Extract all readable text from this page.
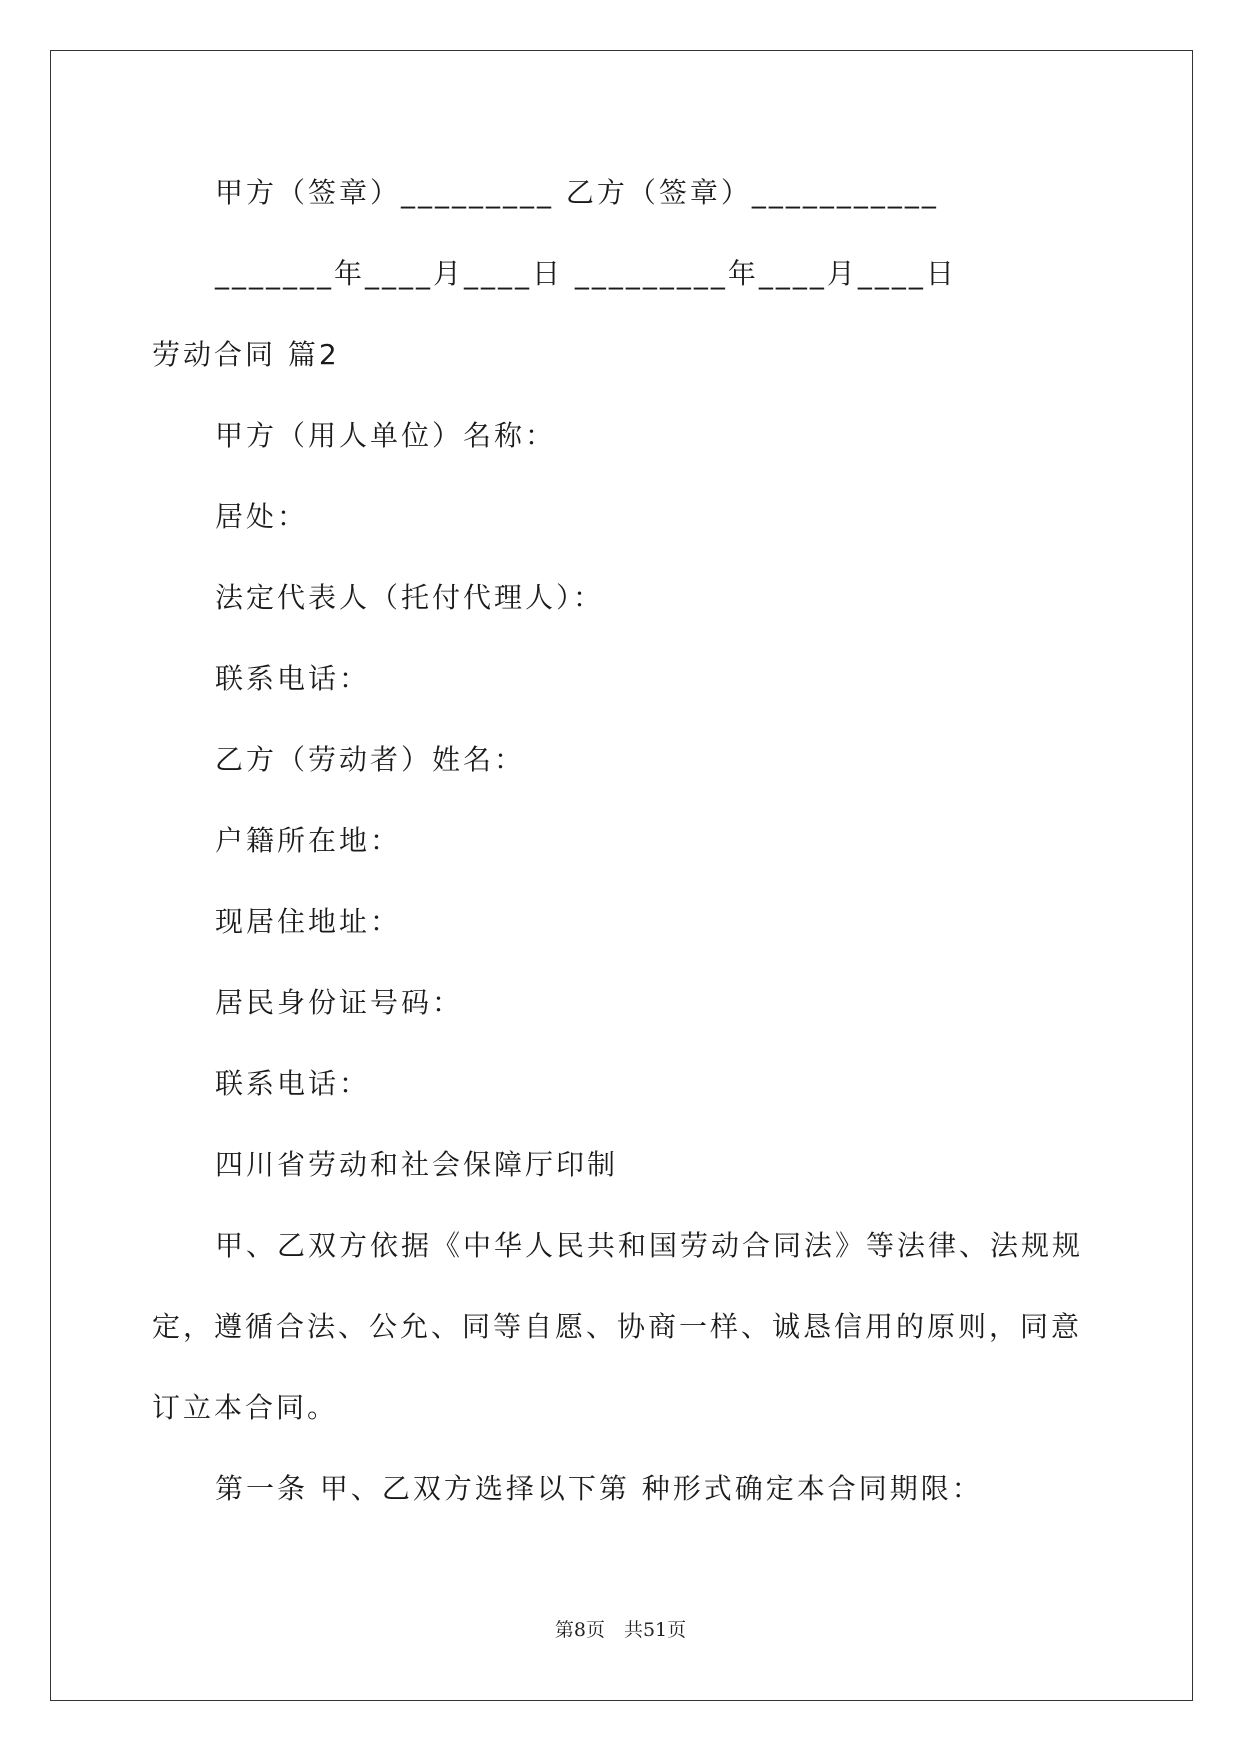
甲方（签章）_________ 乙方（签章）___________
_______年____月____日 _________年____月____日
劳动合同 篇2
甲方（用人单位）名称：
居处：
法定代表人（托付代理人）：
联系电话：
乙方（劳动者）姓名：
户籍所在地：
现居住地址：
居民身份证号码：
联系电话：
四川省劳动和社会保障厅印制
甲、乙双方依据《中华人民共和国劳动合同法》等法律、法规规
定，遵循合法、公允、同等自愿、协商一样、诚恳信用的原则，同意
订立本合同。
第一条 甲、乙双方选择以下第 种形式确定本合同期限：
第8页　共51页
